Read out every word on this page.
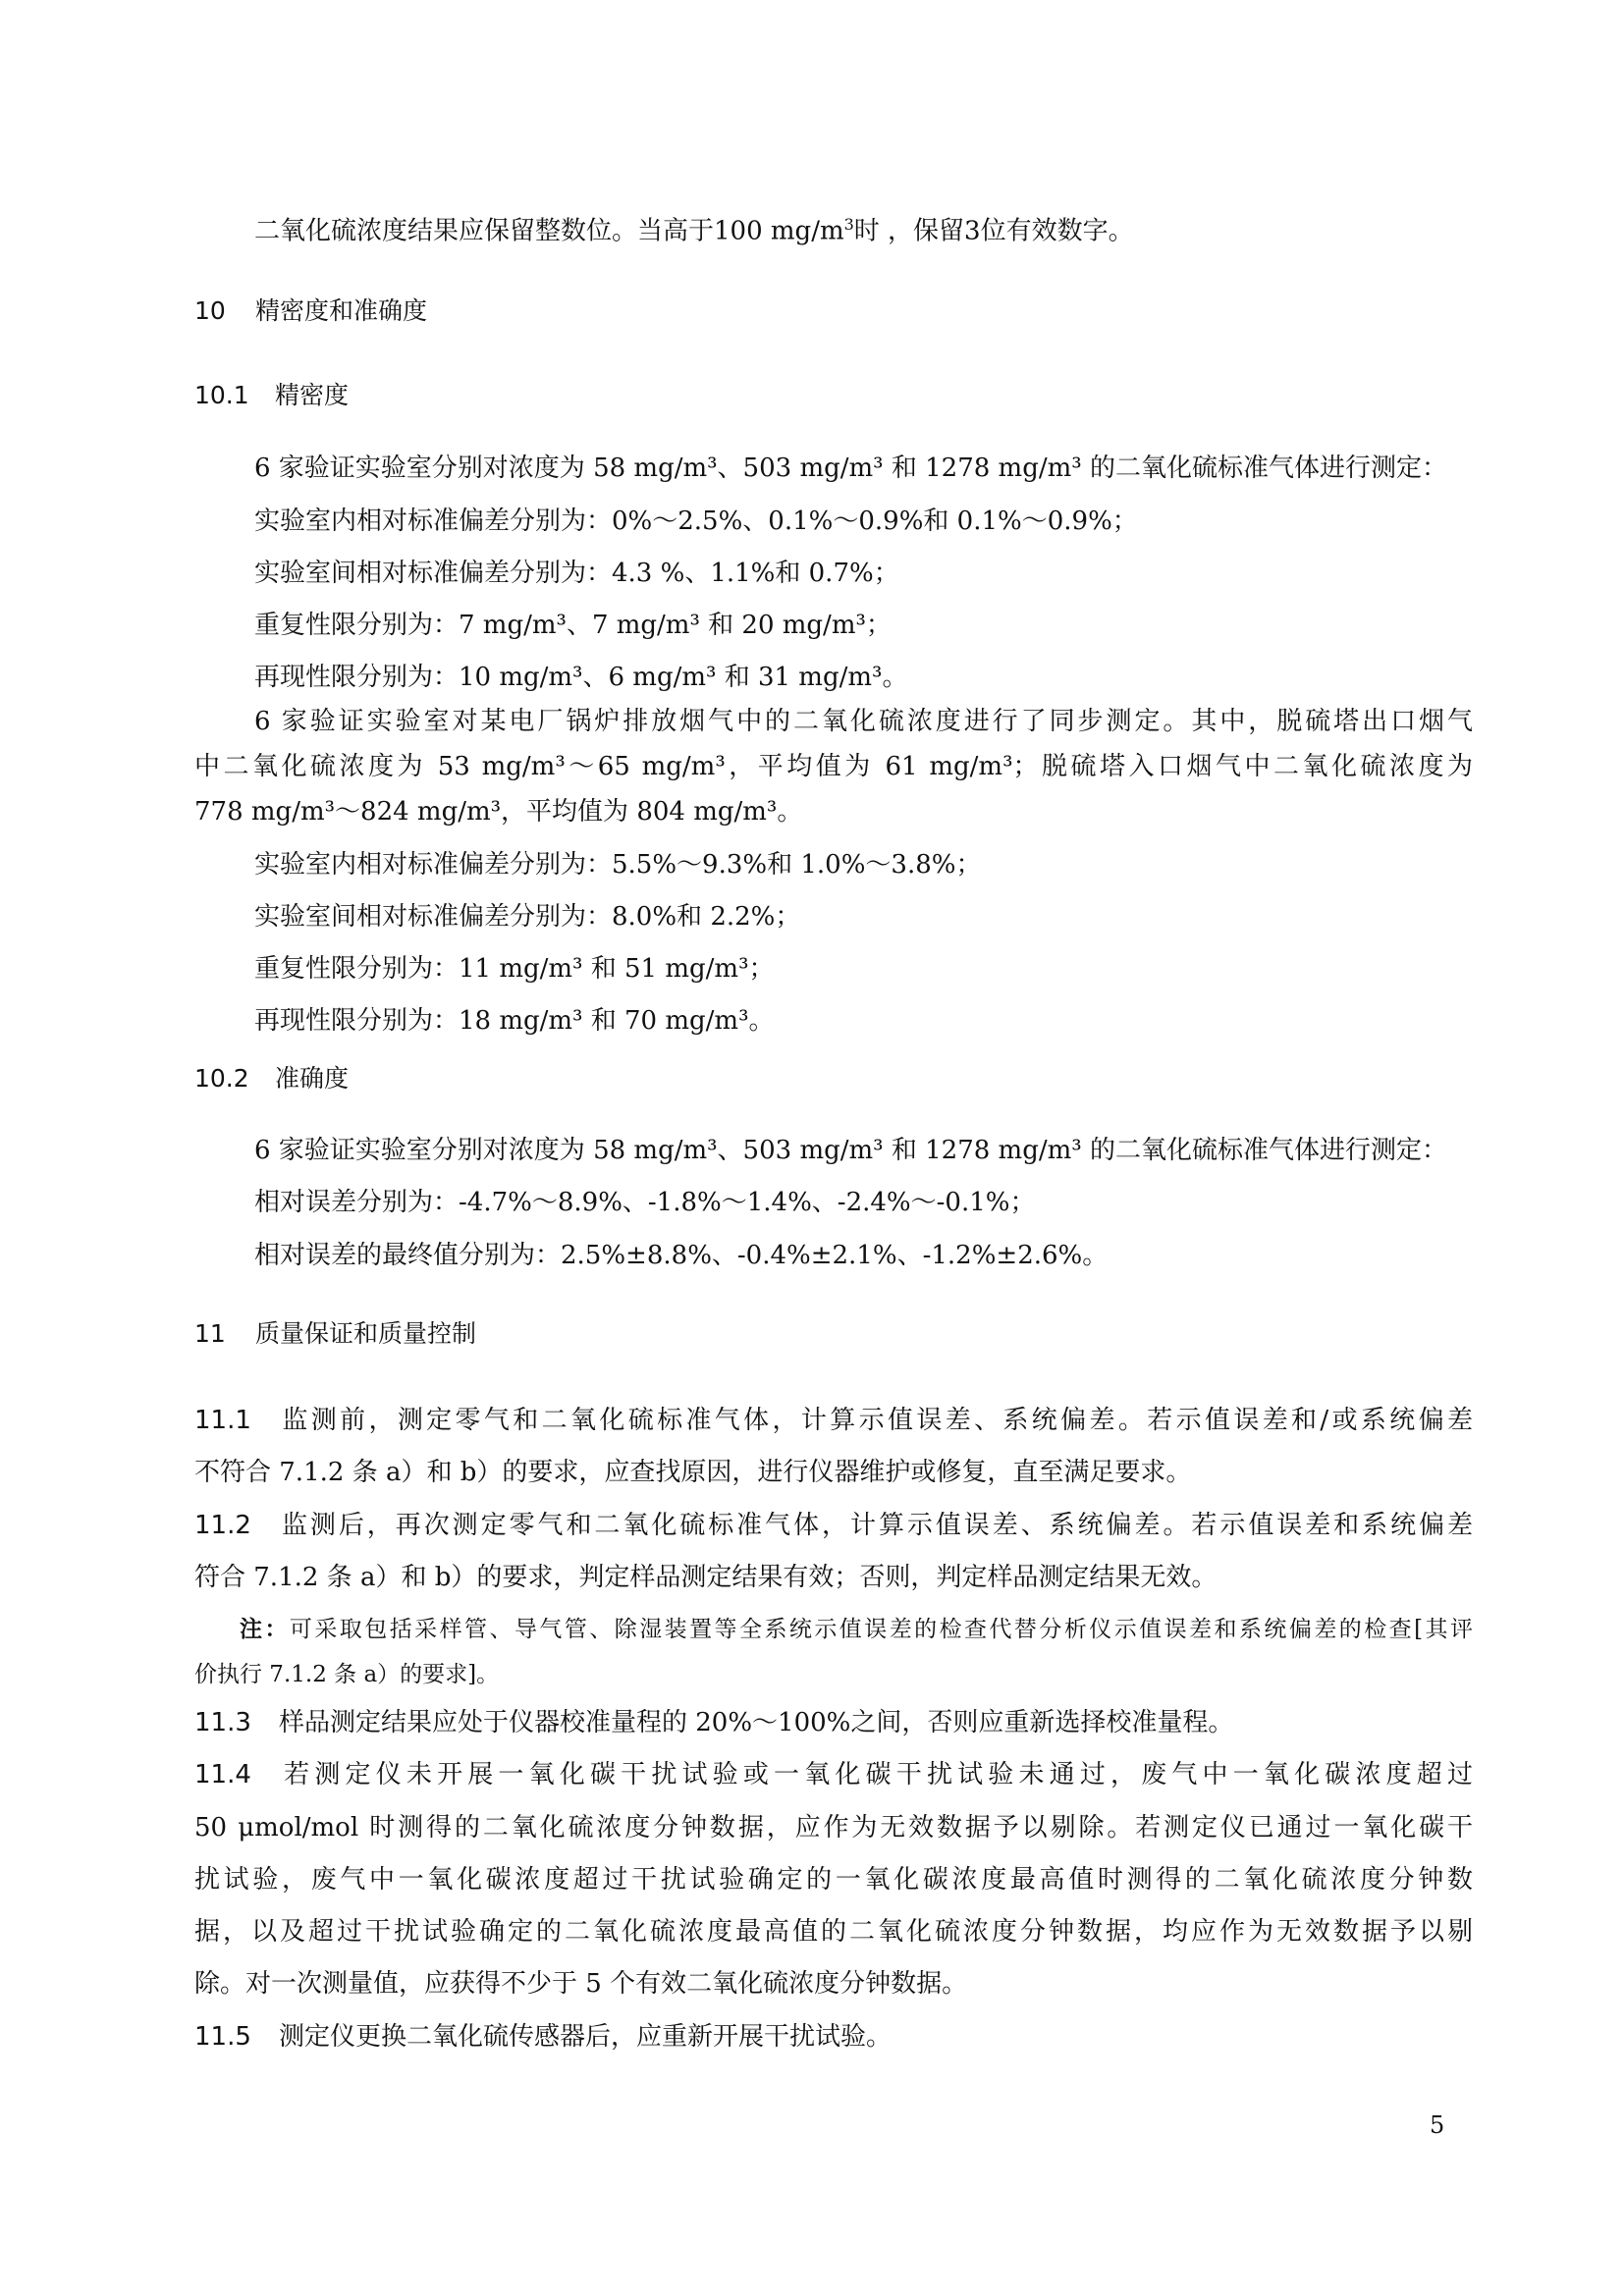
二氧化硫浓度结果应保留整数位。当高于100 $mg/m^3$时 ，保留3位有效数字。
10 精密度和准确度
10.1 精密度
6 家验证实验室分别对浓度为 58 mg/m³、503 mg/m³ 和 1278 mg/m³ 的二氧化硫标准气体进行测定：
实验室内相对标准偏差分别为：0%～2.5%、0.1%～0.9%和 0.1%～0.9%；
实验室间相对标准偏差分别为：4.3 %、1.1%和 0.7%；
重复性限分别为：7 mg/m³、7 mg/m³ 和 20 mg/m³；
再现性限分别为：10 mg/m³、6 mg/m³ 和 31 mg/m³。
6 家验证实验室对某电厂锅炉排放烟气中的二氧化硫浓度进行了同步测定。其中，脱硫塔出口烟气
中二氧化硫浓度为 53 mg/m³～65 mg/m³，平均值为 61 mg/m³；脱硫塔入口烟气中二氧化硫浓度为
778 mg/m³～824 mg/m³，平均值为 804 mg/m³。
实验室内相对标准偏差分别为：5.5%～9.3%和 1.0%～3.8%；
实验室间相对标准偏差分别为：8.0%和 2.2%；
重复性限分别为：11 mg/m³ 和 51 mg/m³；
再现性限分别为：18 mg/m³ 和 70 mg/m³。
10.2 准确度
6 家验证实验室分别对浓度为 58 mg/m³、503 mg/m³ 和 1278 mg/m³ 的二氧化硫标准气体进行测定：
相对误差分别为：-4.7%～8.9%、-1.8%～1.4%、-2.4%～-0.1%；
相对误差的最终值分别为：2.5%±8.8%、-0.4%±2.1%、-1.2%±2.6%。
11 质量保证和质量控制
11.1 监测前，测定零气和二氧化硫标准气体，计算示值误差、系统偏差。若示值误差和/或系统偏差
不符合 7.1.2 条 a）和 b）的要求，应查找原因，进行仪器维护或修复，直至满足要求。
11.2 监测后，再次测定零气和二氧化硫标准气体，计算示值误差、系统偏差。若示值误差和系统偏差
符合 7.1.2 条 a）和 b）的要求，判定样品测定结果有效；否则，判定样品测定结果无效。
注：可采取包括采样管、导气管、除湿装置等全系统示值误差的检查代替分析仪示值误差和系统偏差的检查[其评
价执行 7.1.2 条 a）的要求]。
11.3 样品测定结果应处于仪器校准量程的 20%～100%之间，否则应重新选择校准量程。
11.4 若测定仪未开展一氧化碳干扰试验或一氧化碳干扰试验未通过，废气中一氧化碳浓度超过
50 μmol/mol 时测得的二氧化硫浓度分钟数据，应作为无效数据予以剔除。若测定仪已通过一氧化碳干
扰试验，废气中一氧化碳浓度超过干扰试验确定的一氧化碳浓度最高值时测得的二氧化硫浓度分钟数
据，以及超过干扰试验确定的二氧化硫浓度最高值的二氧化硫浓度分钟数据，均应作为无效数据予以剔
除。对一次测量值，应获得不少于 5 个有效二氧化硫浓度分钟数据。
11.5 测定仪更换二氧化硫传感器后，应重新开展干扰试验。
5
